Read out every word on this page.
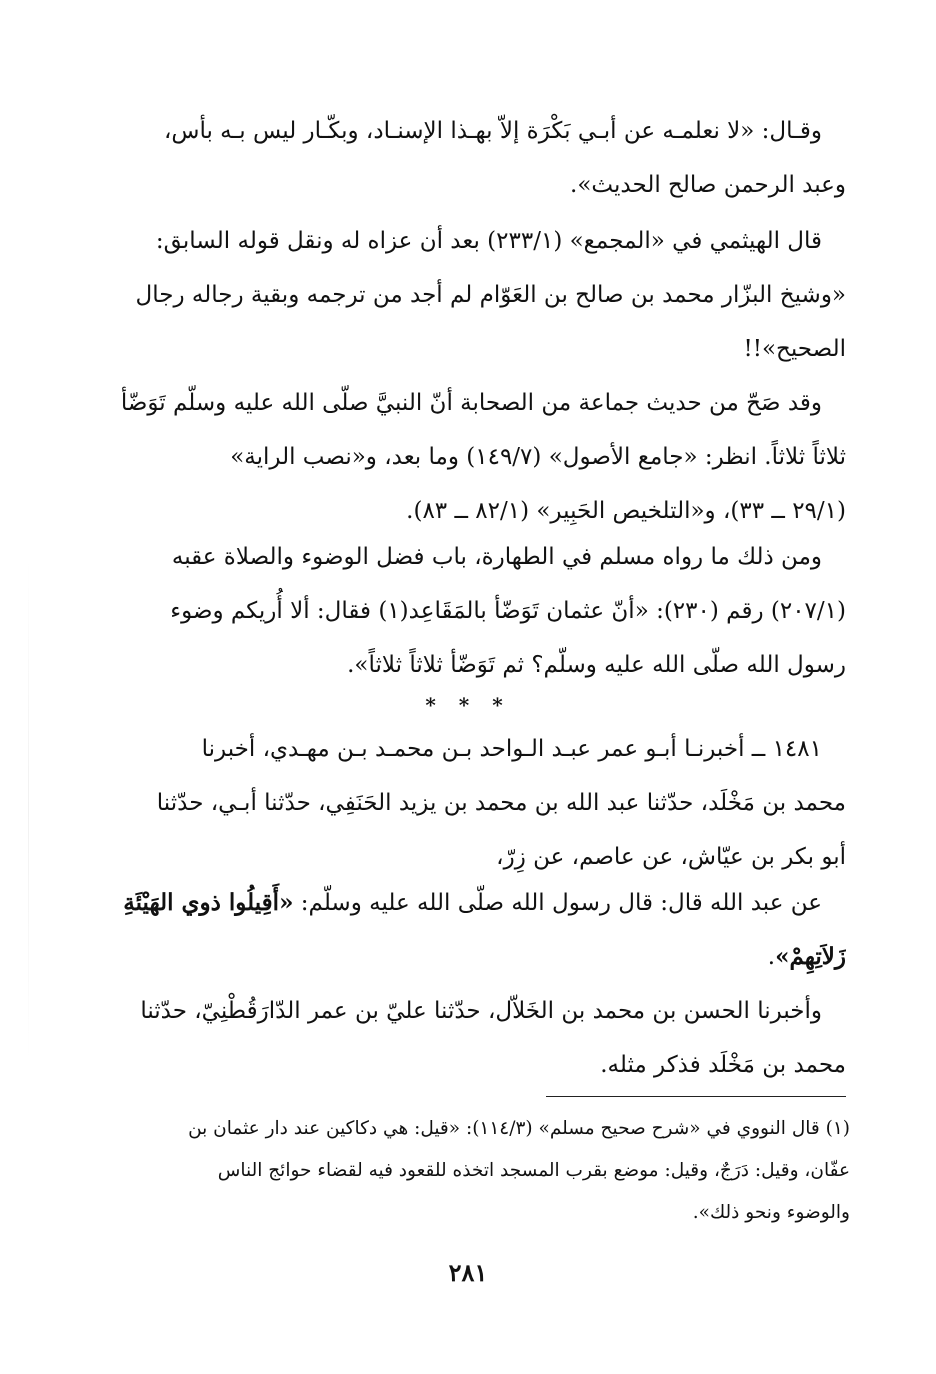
وقـال: «لا نعلمـه عن أبـي بَكْرَة إلاّ بهـذا الإسنـاد، وبكّـار ليس بـه بأس،
وعبد الرحمن صالح الحديث».
قال الهيثمي في «المجمع» (٢٣٣/١) بعد أن عزاه له ونقل قوله السابق:
«وشيخ البزّار محمد بن صالح بن العَوّام لم أجد من ترجمه وبقية رجاله رجال
الصحيح»!!
وقد صَحّ من حديث جماعة من الصحابة أنّ النبيَّ صلّى الله عليه وسلّم تَوَضّأ
ثلاثاً ثلاثاً. انظر: «جامع الأصول» (١٤٩/٧) وما بعد، و«نصب الراية»
(٢٩/١ ــ ٣٣)، و«التلخيص الحَبِير» (٨٢/١ ــ ٨٣).
ومن ذلك ما رواه مسلم في الطهارة، باب فضل الوضوء والصلاة عقبه
(٢٠٧/١) رقم (٢٣٠): «أنّ عثمان تَوَضّأ بالمَقَاعِد(١) فقال: ألا أُريكم وضوء
رسول الله صلّى الله عليه وسلّم؟ ثم تَوَضّأ ثلاثاً ثلاثاً».
* * *
١٤٨١ ــ أخبرنـا أبـو عمر عبـد الـواحد بـن محمـد بـن مهـدي، أخبرنا
محمد بن مَخْلَد، حدّثنا عبد الله بن محمد بن يزيد الحَنَفِي، حدّثنا أبـي، حدّثنا
أبو بكر بن عيّاش، عن عاصم، عن زِرّ،
عن عبد الله قال: قال رسول الله صلّى الله عليه وسلّم: «أَقِيلُوا ذوي الهَيْئَةِ
زَلاَتِهِمْ».
وأخبرنا الحسن بن محمد بن الخَلاّل، حدّثنا عليّ بن عمر الدّارَقُطْنِيّ، حدّثنا
محمد بن مَخْلَد فذكر مثله.
(١) قال النووي في «شرح صحيح مسلم» (١١٤/٣): «قيل: هي دكاكين عند دار عثمان بن
عفّان، وقيل: دَرَجٌ، وقيل: موضع بقرب المسجد اتخذه للقعود فيه لقضاء حوائج الناس
والوضوء ونحو ذلك».
٢٨١
